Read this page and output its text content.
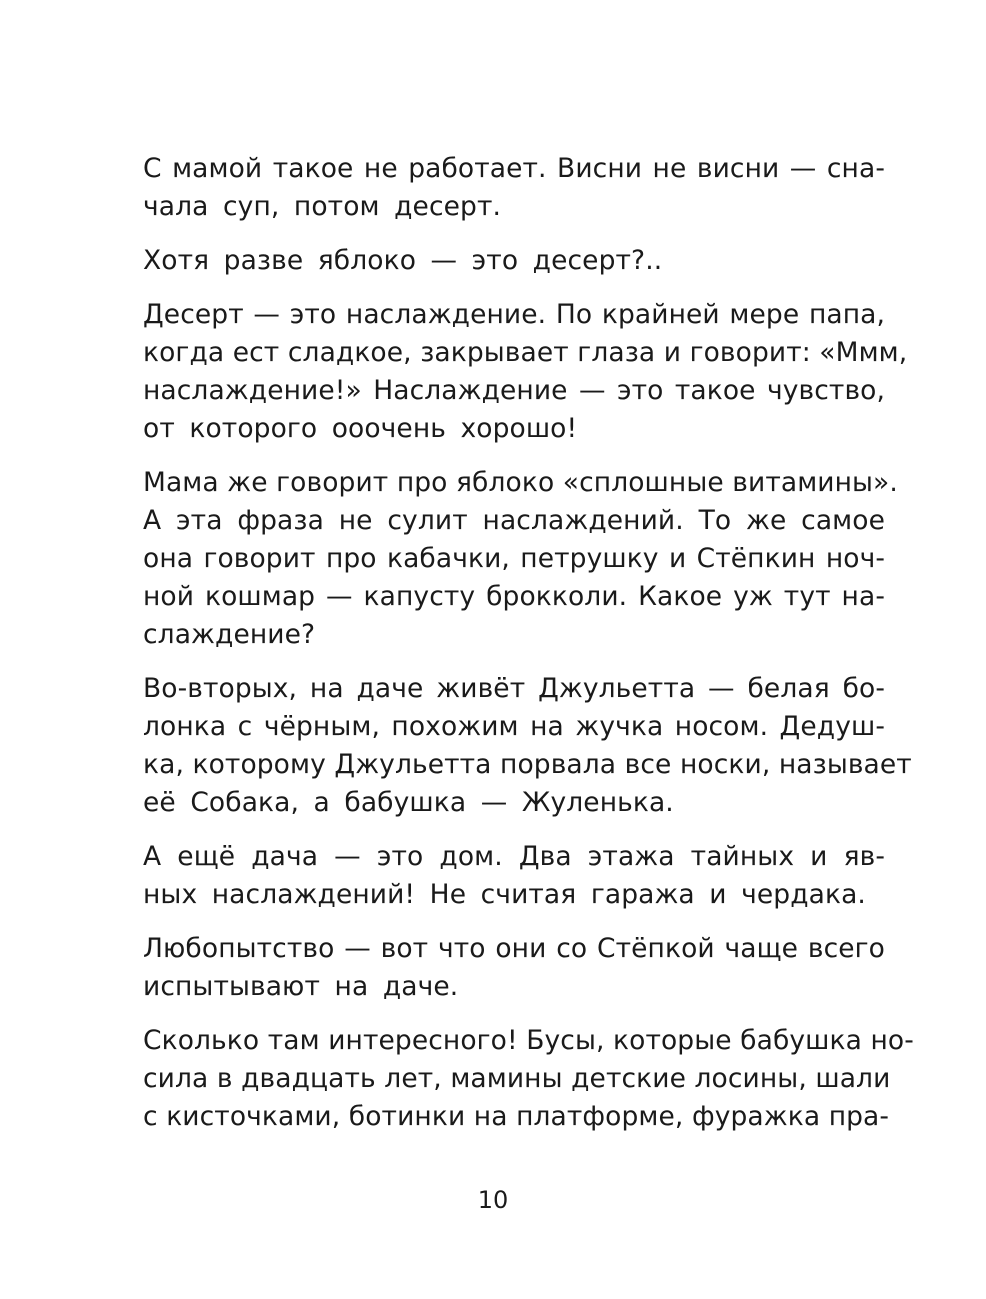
С мамой такое не работает. Висни не висни — сна-
чала суп, потом десерт.

Хотя разве яблоко — это десерт?..

Десерт — это наслаждение. По крайней мере папа,
когда ест сладкое, закрывает глаза и говорит: «Ммм,
наслаждение!» Наслаждение — это такое чувство,
от которого ооочень хорошо!

Мама же говорит про яблоко «сплошные витамины».
А эта фраза не сулит наслаждений. То же самое
она говорит про кабачки, петрушку и Стёпкин ноч-
ной кошмар — капусту брокколи. Какое уж тут на-
слаждение?

Во-вторых, на даче живёт Джульетта — белая бо-
лонка с чёрным, похожим на жучка носом. Дедуш-
ка, которому Джульетта порвала все носки, называет
её Собака, а бабушка — Жуленька.

А ещё дача — это дом. Два этажа тайных и яв-
ных наслаждений! Не считая гаража и чердака.

Любопытство — вот что они со Стёпкой чаще всего
испытывают на даче.

Сколько там интересного! Бусы, которые бабушка но-
сила в двадцать лет, мамины детские лосины, шали
с кисточками, ботинки на платформе, фуражка пра-

10
